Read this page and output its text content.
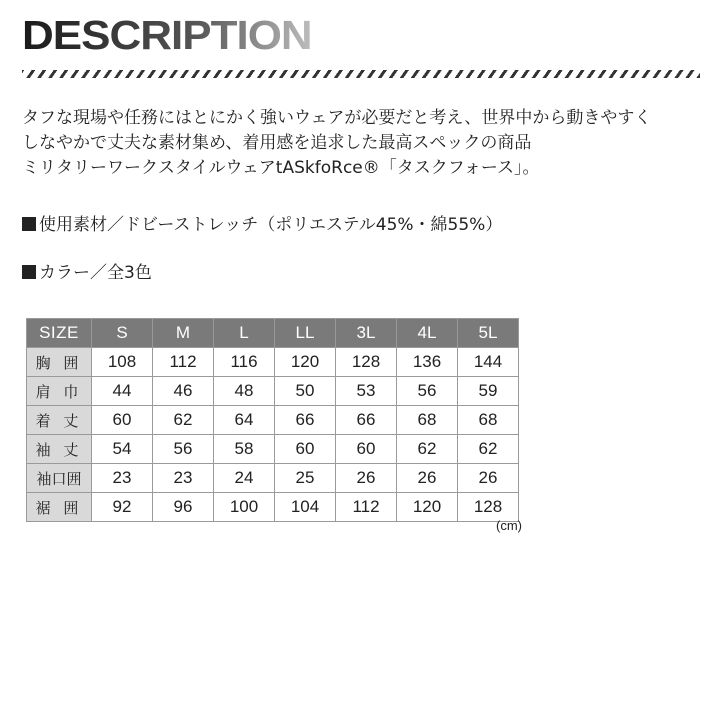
DESCRIPTION

タフな現場や任務にはとにかく強いウェアが必要だと考え、世界中から動きやすく

しなやかで丈夫な素材集め、着用感を追求した最高スペックの商品

ミリタリーワークスタイルウェアtASkfoRce®「タスクフォース」。

使用素材／ドビーストレッチ（ポリエステル45%・綿55%）
カラー／全3色
SIZE	S	M	L	LL	3L	4L	5L
胸 囲	108	112	116	120	128	136	144
肩 巾	44	46	48	50	53	56	59
着 丈	60	62	64	66	66	68	68
袖 丈	54	56	58	60	60	62	62
袖口囲	23	23	24	25	26	26	26
裾 囲	92	96	100	104	112	120	128
(cm)
